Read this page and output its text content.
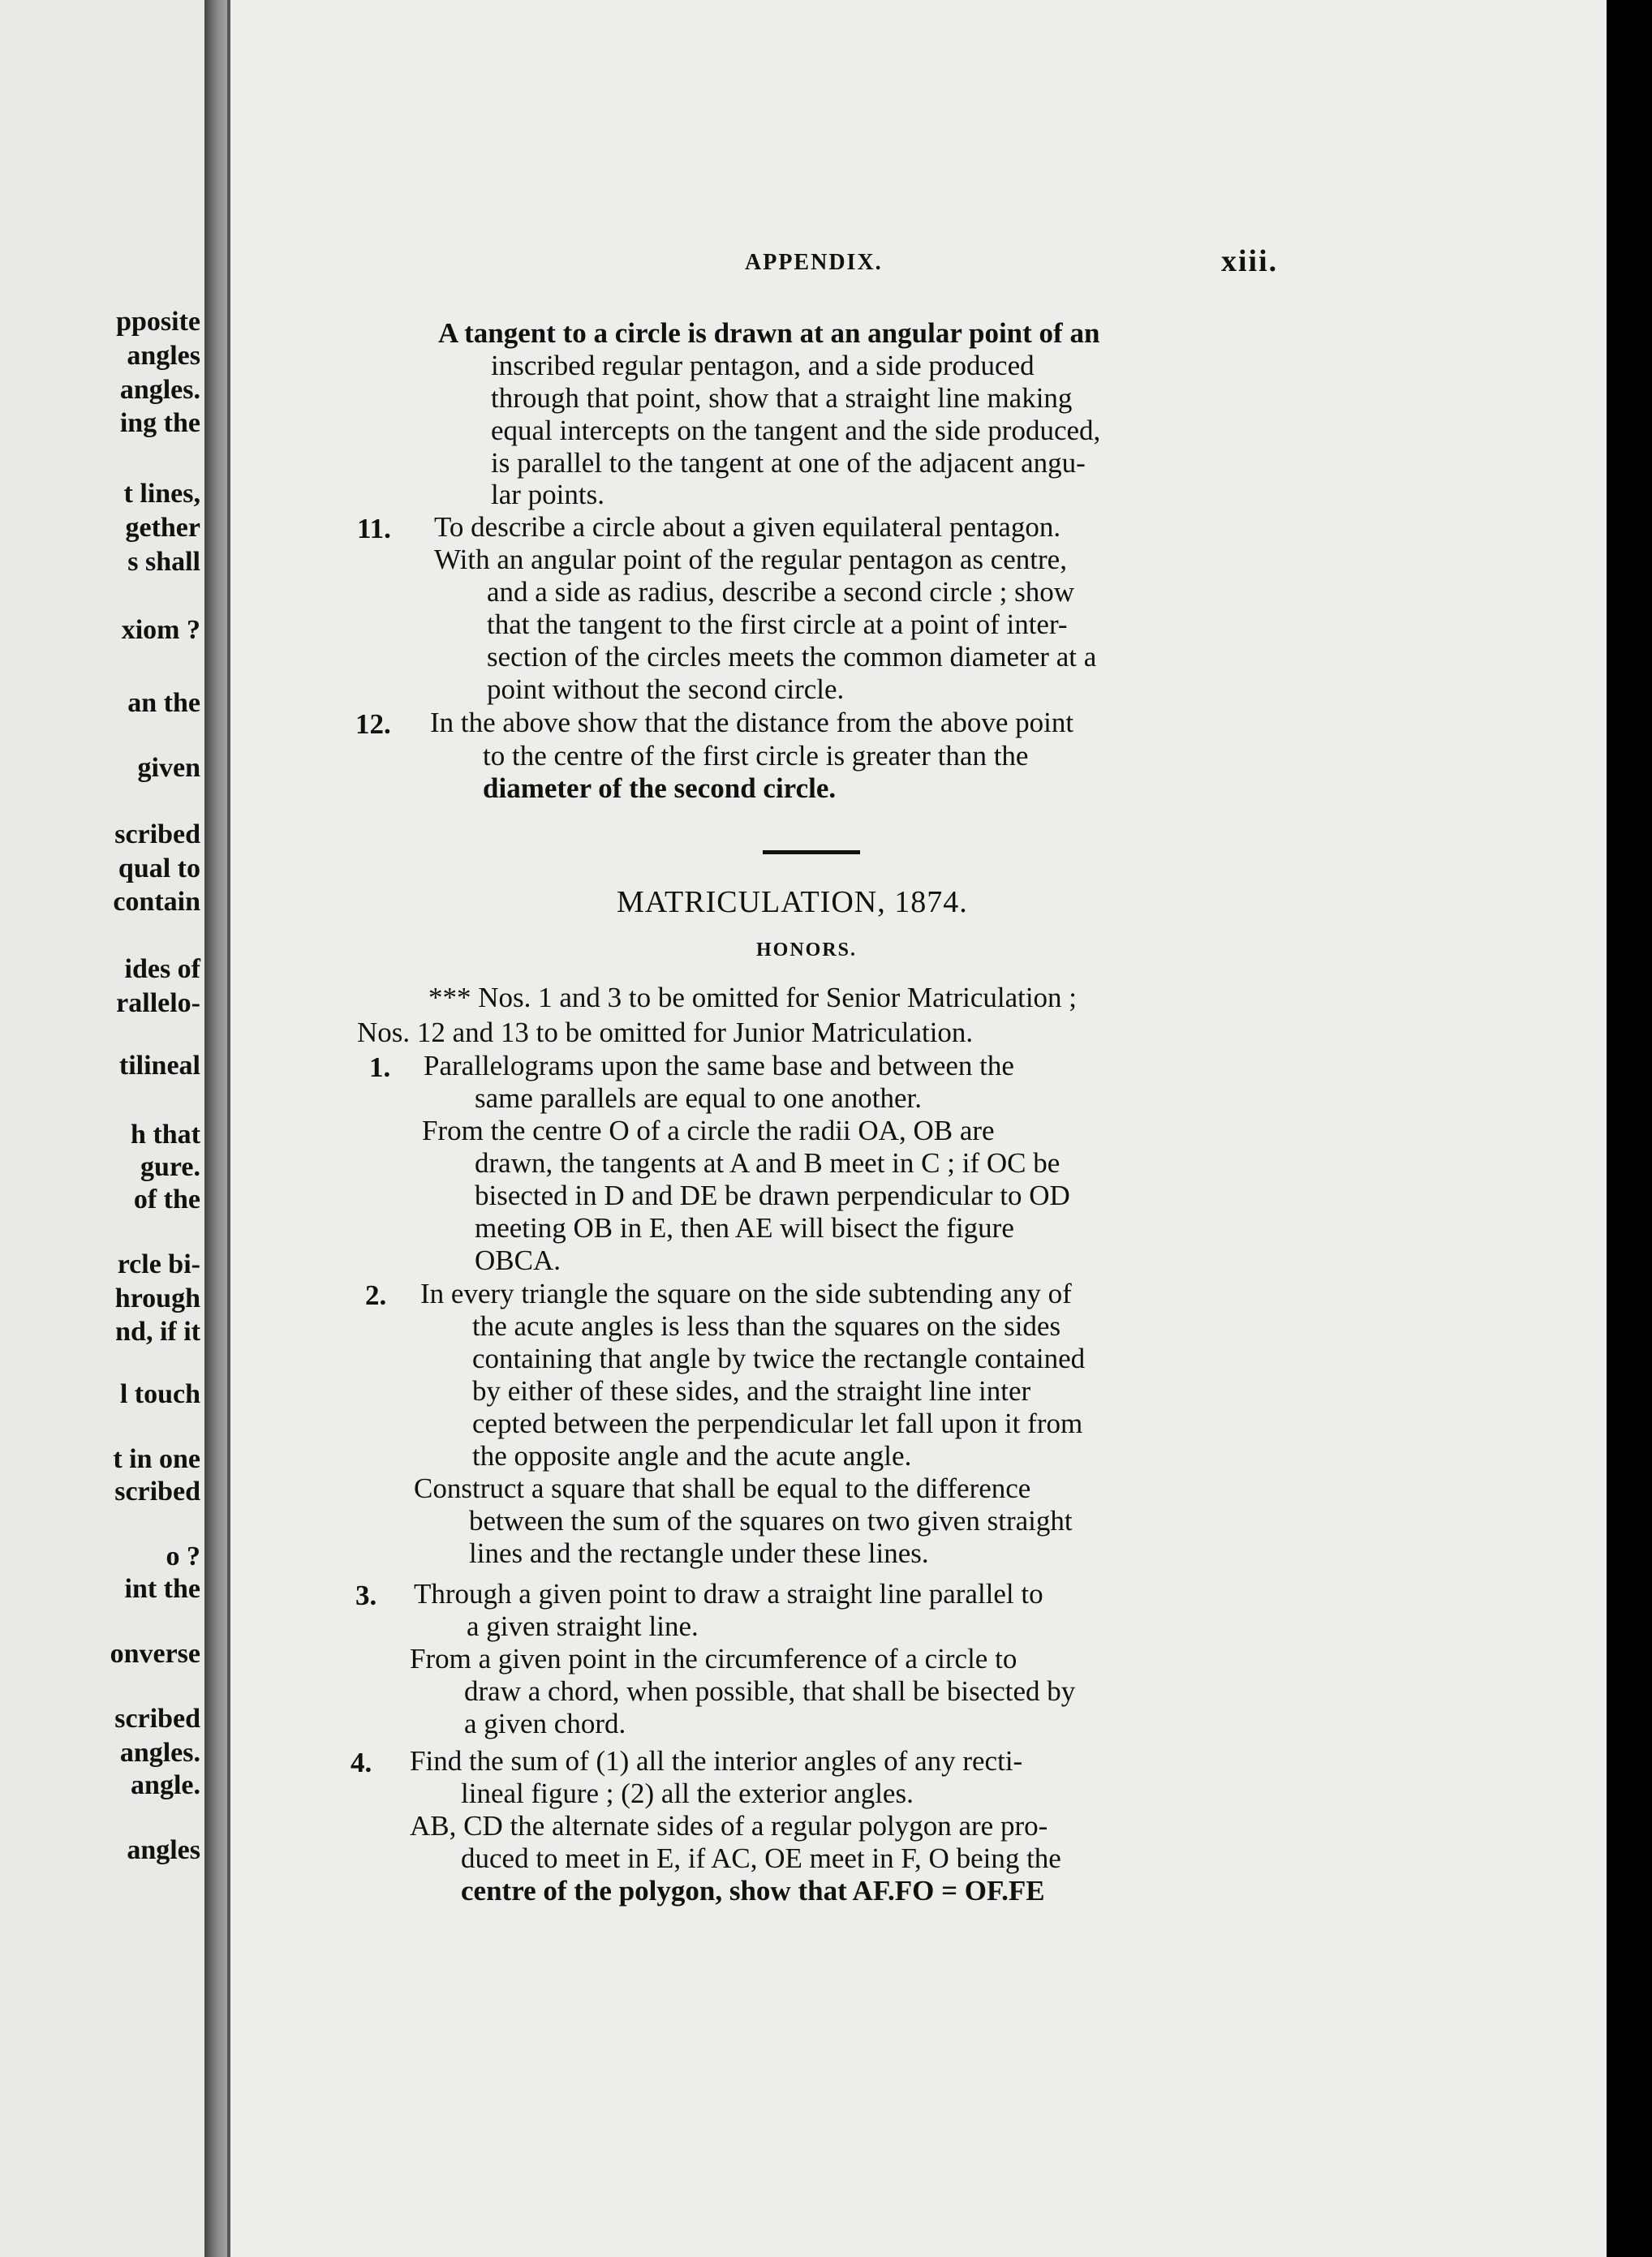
pposite
angles
angles.
ing the
t lines,
gether
s shall
xiom ?
an the
given
scribed
qual to
contain
ides of
rallelo-
tilineal
h that
gure.
of the
rcle bi-
hrough
nd, if it
l touch
t in one
scribed
o ?
int the
onverse
scribed
angles.
angle.
angles
APPENDIX.	xiii.
A tangent to a circle is drawn at an angular point of an
inscribed regular pentagon, and a side produced
through that point, show that a straight line making
equal intercepts on the tangent and the side produced,
is parallel to the tangent at one of the adjacent angu-
lar points.
11. To describe a circle about a given equilateral pentagon.
With an angular point of the regular pentagon as centre,
and a side as radius, describe a second circle ; show
that the tangent to the first circle at a point of inter-
section of the circles meets the common diameter at a
point without the second circle.
12. In the above show that the distance from the above point
to the centre of the first circle is greater than the
diameter of the second circle.
MATRICULATION, 1874.
HONORS.
*** Nos. 1 and 3 to be omitted for Senior Matriculation ;
Nos. 12 and 13 to be omitted for Junior Matriculation.
1. Parallelograms upon the same base and between the
same parallels are equal to one another.
From the centre O of a circle the radii OA, OB are
drawn, the tangents at A and B meet in C ; if OC be
bisected in D and DE be drawn perpendicular to OD
meeting OB in E, then AE will bisect the figure
OBCA.
2. In every triangle the square on the side subtending any of
the acute angles is less than the squares on the sides
containing that angle by twice the rectangle contained
by either of these sides, and the straight line inter
cepted between the perpendicular let fall upon it from
the opposite angle and the acute angle.
Construct a square that shall be equal to the difference
between the sum of the squares on two given straight
lines and the rectangle under these lines.
3. Through a given point to draw a straight line parallel to
a given straight line.
From a given point in the circumference of a circle to
draw a chord, when possible, that shall be bisected by
a given chord.
4. Find the sum of (1) all the interior angles of any recti-
lineal figure ; (2) all the exterior angles.
AB, CD the alternate sides of a regular polygon are pro-
duced to meet in E, if AC, OE meet in F, O being the
centre of the polygon, show that AF.FO = OF.FE
